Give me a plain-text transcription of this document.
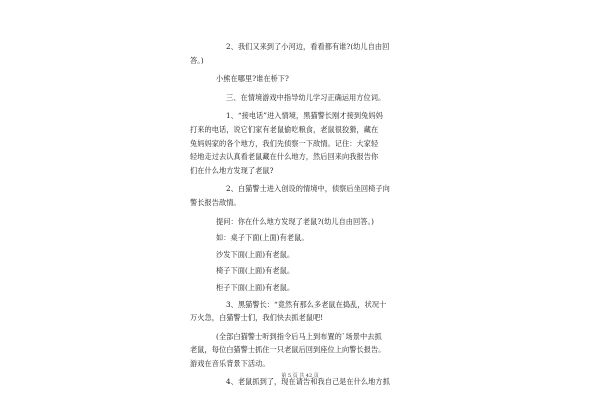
2、我们又来到了小河边，看看都有谁?(幼儿自由回
答。)

小熊在哪里?谁在桥下?

三、在情境游戏中指导幼儿学习正确运用方位词。

1、“接电话”进入情境，黑猫警长刚才接到兔妈妈
打来的电话，说它们家有老鼠偷吃粮食，老鼠很狡猾，藏在
兔妈妈家的各个地方，我们先侦察一下敌情。记住：大家轻
轻地走过去认真看老鼠藏在什么地方，然后回来向我报告你
们在什么地方发现了老鼠?

2、白猫警士进入创设的情境中，侦察后坐回椅子向
警长报告敌情。

提问：你在什么地方发现了老鼠?(幼儿自由回答。)

如：桌子下面(上面)有老鼠。

沙发下面(上面)有老鼠。

椅子下面(上面)有老鼠。

柜子下面(上面)有老鼠。

3、黑猫警长：“竟然有那么多老鼠在捣乱，状况十
万火急，白猫警士们，我们快去抓老鼠吧!

(全部白猫警士听到指令后马上到布置的`场景中去抓
老鼠，每位白猫警士抓住一只老鼠后回到座位上向警长报告。
游戏在音乐背景下活动。

4、老鼠抓到了，现在请告和我自己是在什么地方抓

第 5 页 共 42 页
